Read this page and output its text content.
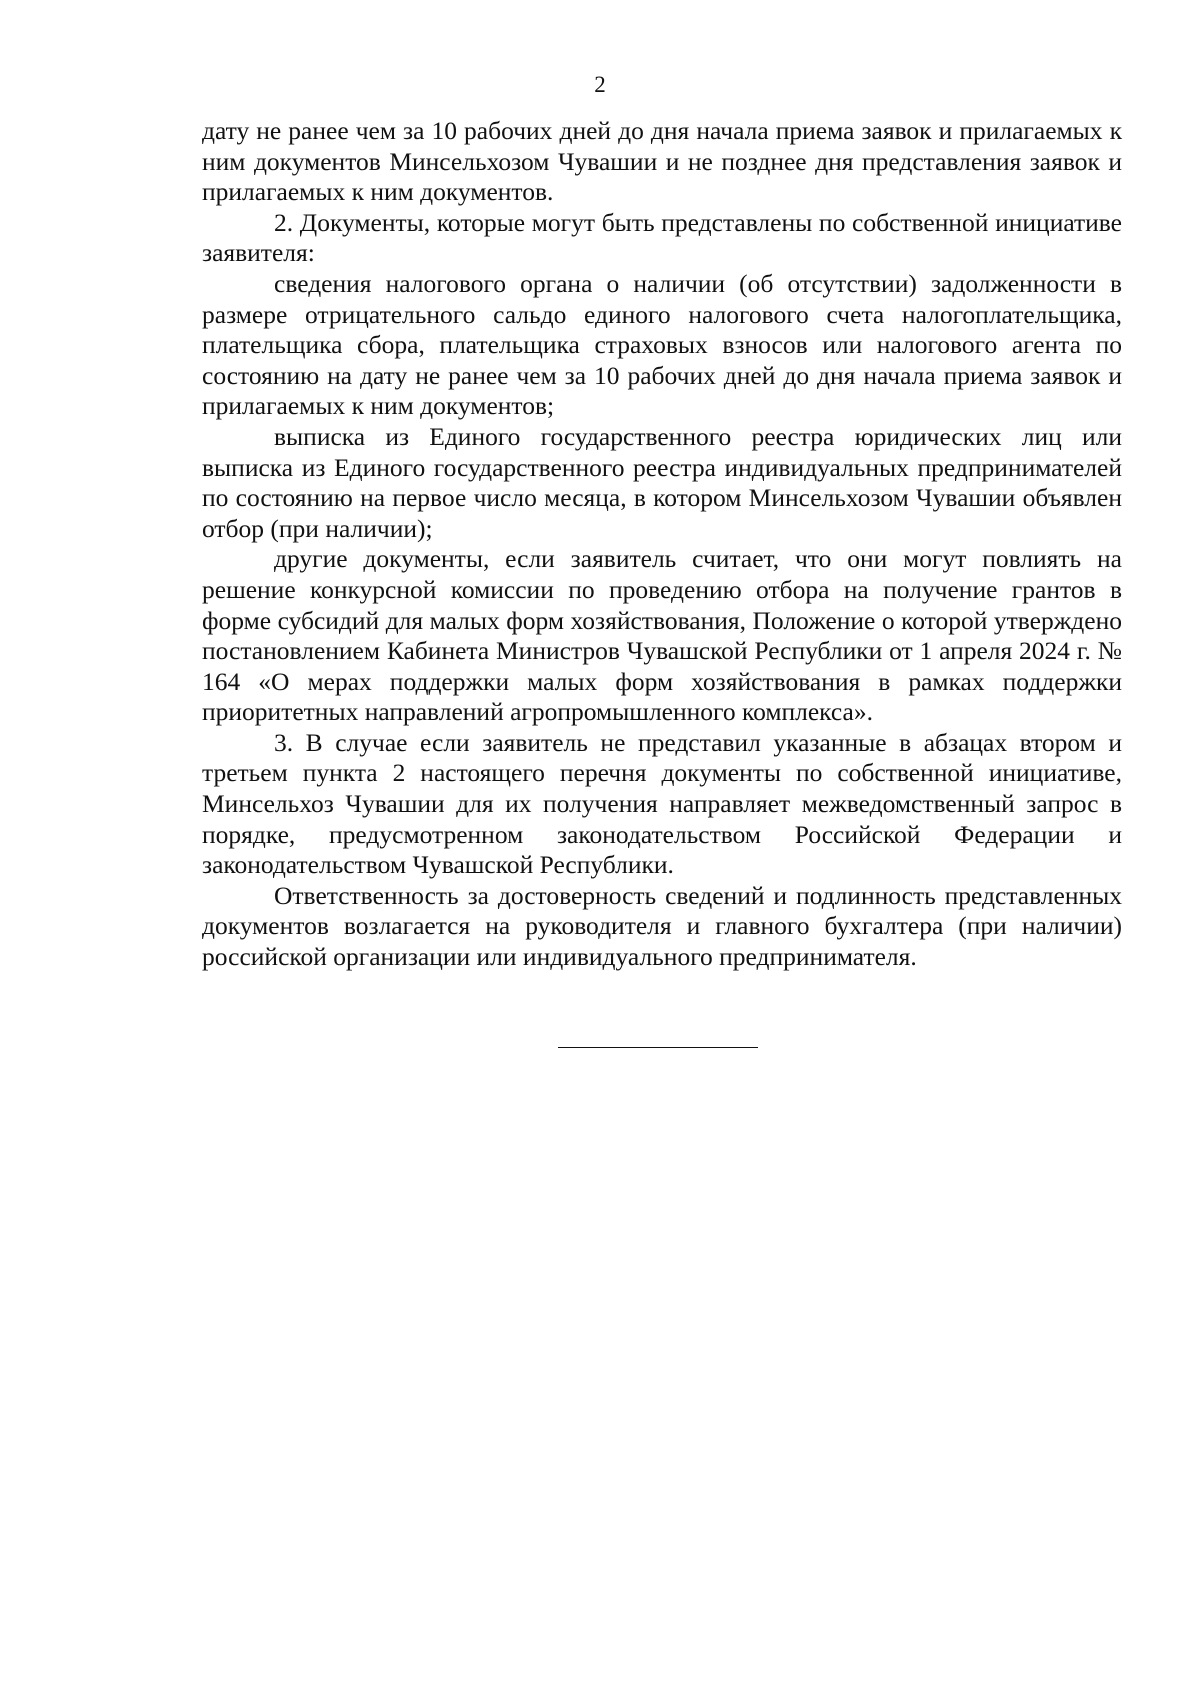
2

дату не ранее чем за 10 рабочих дней до дня начала приема заявок и прилагаемых к ним документов Минсельхозом Чувашии и не позднее дня представления заявок и прилагаемых к ним документов.

2. Документы, которые могут быть представлены по собственной инициативе заявителя:

сведения налогового органа о наличии (об отсутствии) задолженности в размере отрицательного сальдо единого налогового счета налогоплательщика, плательщика сбора, плательщика страховых взносов или налогового агента по состоянию на дату не ранее чем за 10 рабочих дней до дня начала приема заявок и прилагаемых к ним документов;

выписка из Единого государственного реестра юридических лиц или выписка из Единого государственного реестра индивидуальных предпринимателей по состоянию на первое число месяца, в котором Минсельхозом Чувашии объявлен отбор (при наличии);

другие документы, если заявитель считает, что они могут повлиять на решение конкурсной комиссии по проведению отбора на получение грантов в форме субсидий для малых форм хозяйствования, Положение о которой утверждено постановлением Кабинета Министров Чувашской Республики от 1 апреля 2024 г. № 164 «О мерах поддержки малых форм хозяйствования в рамках поддержки приоритетных направлений агропромышленного комплекса».

3. В случае если заявитель не представил указанные в абзацах втором и третьем пункта 2 настоящего перечня документы по собственной инициативе, Минсельхоз Чувашии для их получения направляет межведомственный запрос в порядке, предусмотренном законодательством Российской Федерации и законодательством Чувашской Республики.

Ответственность за достоверность сведений и подлинность представленных документов возлагается на руководителя и главного бухгалтера (при наличии) российской организации или индивидуального предпринимателя.
